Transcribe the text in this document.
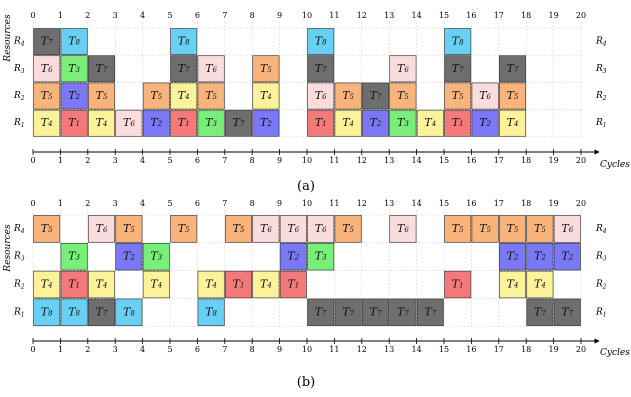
Resources
Cycles
(a)
T7 T8	T8	T8	T8
T6 T3 T7	T7 T6	T5	T7	T6	T7	T7
T5 T2 T5	T5 T4 T5	T4	T6 T5 T7 T5	T5 T6 T5
T4 T1 T4 T6 T2 T1 T3 T7 T2	T1 T4 T2 T3 T4 T1 T2 T4
0
0
1
1
2
2
3
3
4
4
5
5
6
6
7
7
8
8
9
9
10
10
11
11
12
12
13
13
14
14
15
15
16
16
17
17
18
18
19
19
20
20
$R_4$	$R_4$
$R_3$	$R_3$
$R_2$	$R_2$
$R_1$	$R_1$
Resources
Cycles
(b)
T5	T6 T5	T5	T5 T6 T6 T6 T5	T6	T5 T5 T5 T5 T6
T3	T2 T3	T2 T3	T2 T2 T2
T4 T1 T4	T4	T4 T1 T4 T1	T1	T4 T4
T8 T8 T7 T8	T8	T7 T7 T7 T7 T7	T7 T7
0
0
1
1
2
2
3
3
4
4
5
5
6
6
7
7
8
8
9
9
10
10
11
11
12
12
13
13
14
14
15
15
16
16
17
17
18
18
19
19
20
20
$R_4$	$R_4$
$R_3$	$R_3$
$R_2$	$R_2$
$R_1$	$R_1$
